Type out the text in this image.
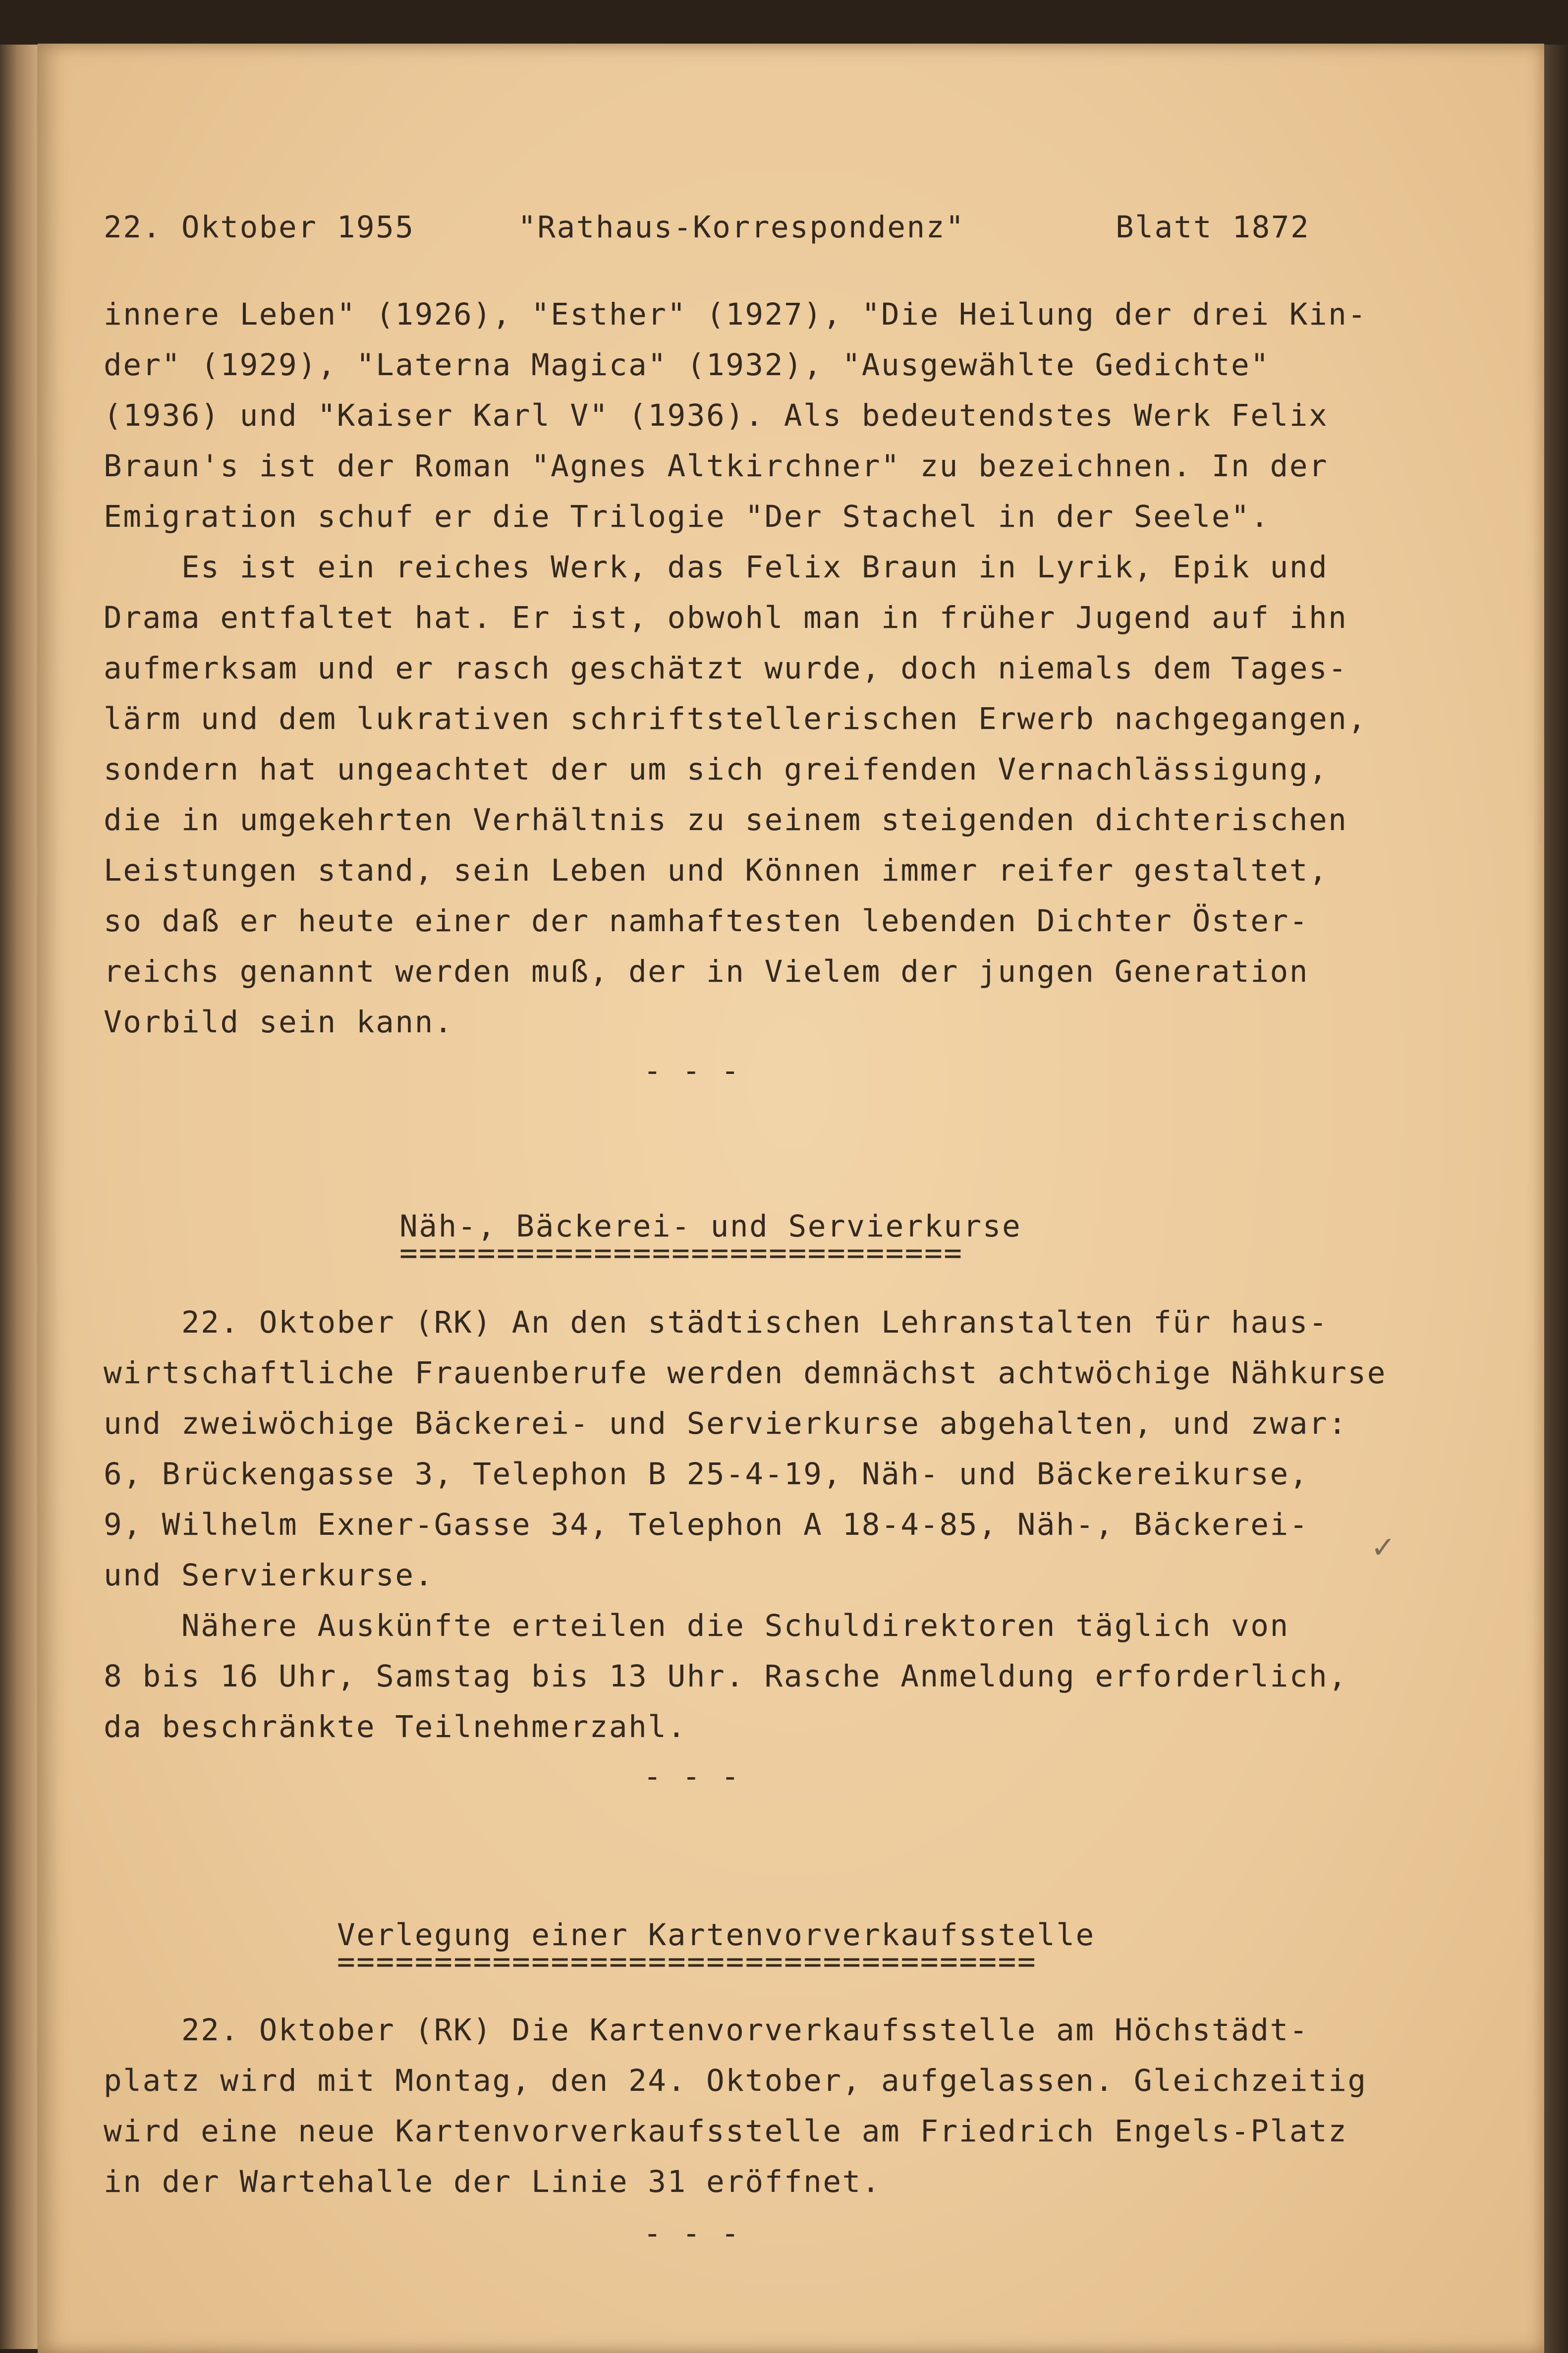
22. Oktober 1955	"Rathaus-Korrespondenz"	Blatt 1872
innere Leben" (1926), "Esther" (1927), "Die Heilung der drei Kin-
der" (1929), "Laterna Magica" (1932), "Ausgewählte Gedichte"
(1936) und "Kaiser Karl V" (1936). Als bedeutendstes Werk Felix
Braun's ist der Roman "Agnes Altkirchner" zu bezeichnen. In der
Emigration schuf er die Trilogie "Der Stachel in der Seele".
Es ist ein reiches Werk, das Felix Braun in Lyrik, Epik und
Drama entfaltet hat. Er ist, obwohl man in früher Jugend auf ihn
aufmerksam und er rasch geschätzt wurde, doch niemals dem Tages-
lärm und dem lukrativen schriftstellerischen Erwerb nachgegangen,
sondern hat ungeachtet der um sich greifenden Vernachlässigung,
die in umgekehrten Verhältnis zu seinem steigenden dichterischen
Leistungen stand, sein Leben und Können immer reifer gestaltet,
so daß er heute einer der namhaftesten lebenden Dichter Öster-
reichs genannt werden muß, der in Vielem der jungen Generation
Vorbild sein kann.
- - -
Näh-, Bäckerei- und Servierkurse
=============================
22. Oktober (RK) An den städtischen Lehranstalten für haus-
wirtschaftliche Frauenberufe werden demnächst achtwöchige Nähkurse
und zweiwöchige Bäckerei- und Servierkurse abgehalten, und zwar:
6, Brückengasse 3, Telephon B 25-4-19, Näh- und Bäckereikurse,
9, Wilhelm Exner-Gasse 34, Telephon A 18-4-85, Näh-, Bäckerei-
und Servierkurse.
Nähere Auskünfte erteilen die Schuldirektoren täglich von
8 bis 16 Uhr, Samstag bis 13 Uhr. Rasche Anmeldung erforderlich,
da beschränkte Teilnehmerzahl.
✓
- - -
Verlegung einer Kartenvorverkaufsstelle
====================================
22. Oktober (RK) Die Kartenvorverkaufsstelle am Höchstädt-
platz wird mit Montag, den 24. Oktober, aufgelassen. Gleichzeitig
wird eine neue Kartenvorverkaufsstelle am Friedrich Engels-Platz
in der Wartehalle der Linie 31 eröffnet.
- - -
